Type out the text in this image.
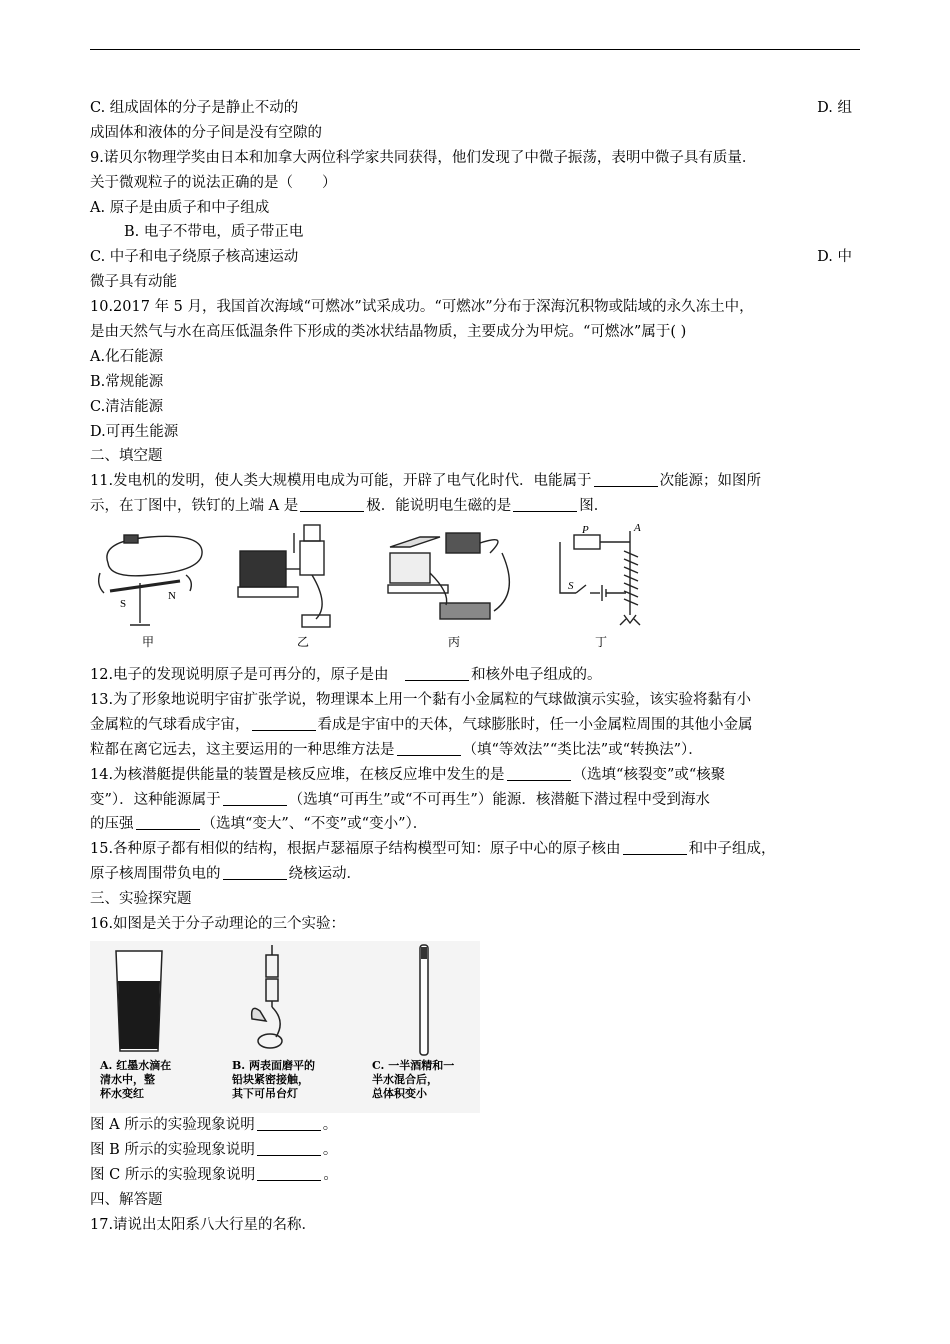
C. 组成固体的分子是静止不动的	D. 组
成固体和液体的分子间是没有空隙的
9.诺贝尔物理学奖由日本和加拿大两位科学家共同获得，他们发现了中微子振荡，表明中微子具有质量．
关于微观粒子的说法正确的是（　　）
A. 原子是由质子和中子组成
B. 电子不带电，质子带正电
C. 中子和电子绕原子核高速运动	D. 中
微子具有动能
10.2017 年 5 月，我国首次海域“可燃冰”试采成功。“可燃冰”分布于深海沉积物或陆域的永久冻土中，
是由天然气与水在高压低温条件下形成的类冰状结晶物质，主要成分为甲烷。“可燃冰”属于( )
A.化石能源
B.常规能源
C.清洁能源
D.可再生能源
二、填空题
11.发电机的发明，使人类大规模用电成为可能，开辟了电气化时代．电能属于	次能源；如图所
示，在丁图中，铁钉的上端 A 是	极．能说明电生磁的是	图．
S
N
P	A
S
甲	乙	丙	丁
12.电子的发现说明原子是可再分的，原子是由　	和核外电子组成的。
13.为了形象地说明宇宙扩张学说，物理课本上用一个黏有小金属粒的气球做演示实验，该实验将黏有小
金属粒的气球看成宇宙，	看成是宇宙中的天体，气球膨胀时，任一小金属粒周围的其他小金属
粒都在离它远去，这主要运用的一种思维方法是	（填“等效法”“类比法”或“转换法”）．
14.为核潜艇提供能量的装置是核反应堆，在核反应堆中发生的是	（选填“核裂变”或“核聚
变”）．这种能源属于	（选填“可再生”或“不可再生”）能源．核潜艇下潜过程中受到海水
的压强	（选填“变大”、“不变”或“变小”）．
15.各种原子都有相似的结构，根据卢瑟福原子结构模型可知：原子中心的原子核由	和中子组成，
原子核周围带负电的	绕核运动．
三、实验探究题
16.如图是关于分子动理论的三个实验：
A. 红墨水滴在
清水中，整
杯水变红
B. 两表面磨平的
铅块紧密接触，
其下可吊台灯
C. 一半酒精和一
半水混合后，
总体积变小
图 A 所示的实验现象说明	。
图 B 所示的实验现象说明	。
图 C 所示的实验现象说明	。
四、解答题
17.请说出太阳系八大行星的名称．
